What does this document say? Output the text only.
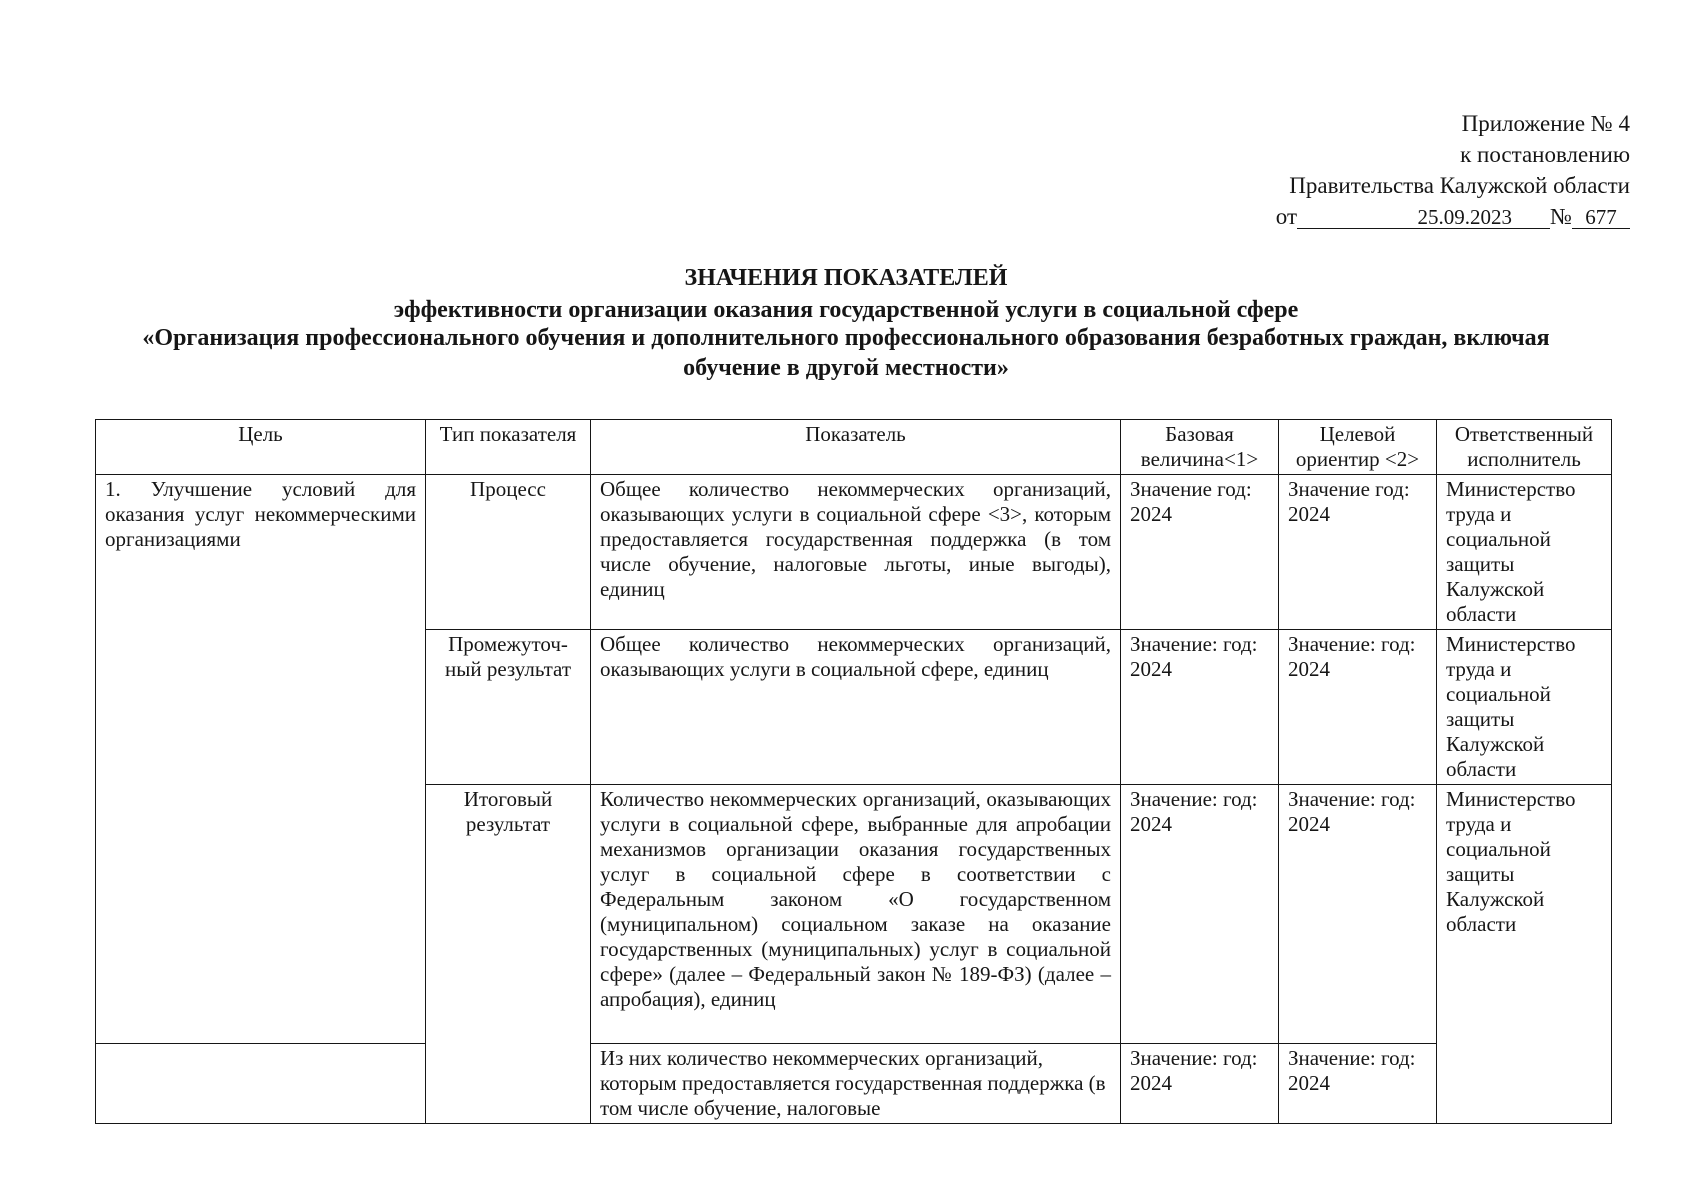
Приложение № 4
к постановлению
Правительства Калужской области
от	25.09.2023 № 677
ЗНАЧЕНИЯ ПОКАЗАТЕЛЕЙ
эффективности организации оказания государственной услуги в социальной сфере
«Организация профессионального обучения и дополнительного профессионального образования безработных граждан, включая
обучение в другой местности»
Цель	Тип показателя	Показатель	Базовая величина<1>	Целевой ориентир <2>	Ответственный исполнитель
1. Улучшение условий для оказания услуг некоммерческими организациями	Процесс	Общее количество некоммерческих организаций, оказывающих услуги в социальной сфере <3>, которым предоставляется государственная поддержка (в том числе обучение, налоговые льготы, иные выгоды), единиц	Значение год: 2024	Значение год: 2024	Министерство труда и социальной защиты Калужской области
	Промежуточ-ный результат	Общее количество некоммерческих организаций, оказывающих услуги в социальной сфере, единиц	Значение: год: 2024	Значение: год: 2024	Министерство труда и социальной защиты Калужской области
	Итоговый результат	Количество некоммерческих организаций, оказывающих услуги в социальной сфере, выбранные для апробации механизмов организации оказания государственных услуг в социальной сфере в соответствии с Федеральным законом «О государственном (муниципальном) социальном заказе на оказание государственных (муниципальных) услуг в социальной сфере» (далее – Федеральный закон № 189-ФЗ) (далее – апробация), единиц	Значение: год: 2024	Значение: год: 2024	Министерство труда и социальной защиты Калужской области
		Из них количество некоммерческих организаций, которым предоставляется государственная поддержка (в том числе обучение, налоговые	Значение: год: 2024	Значение: год: 2024	
